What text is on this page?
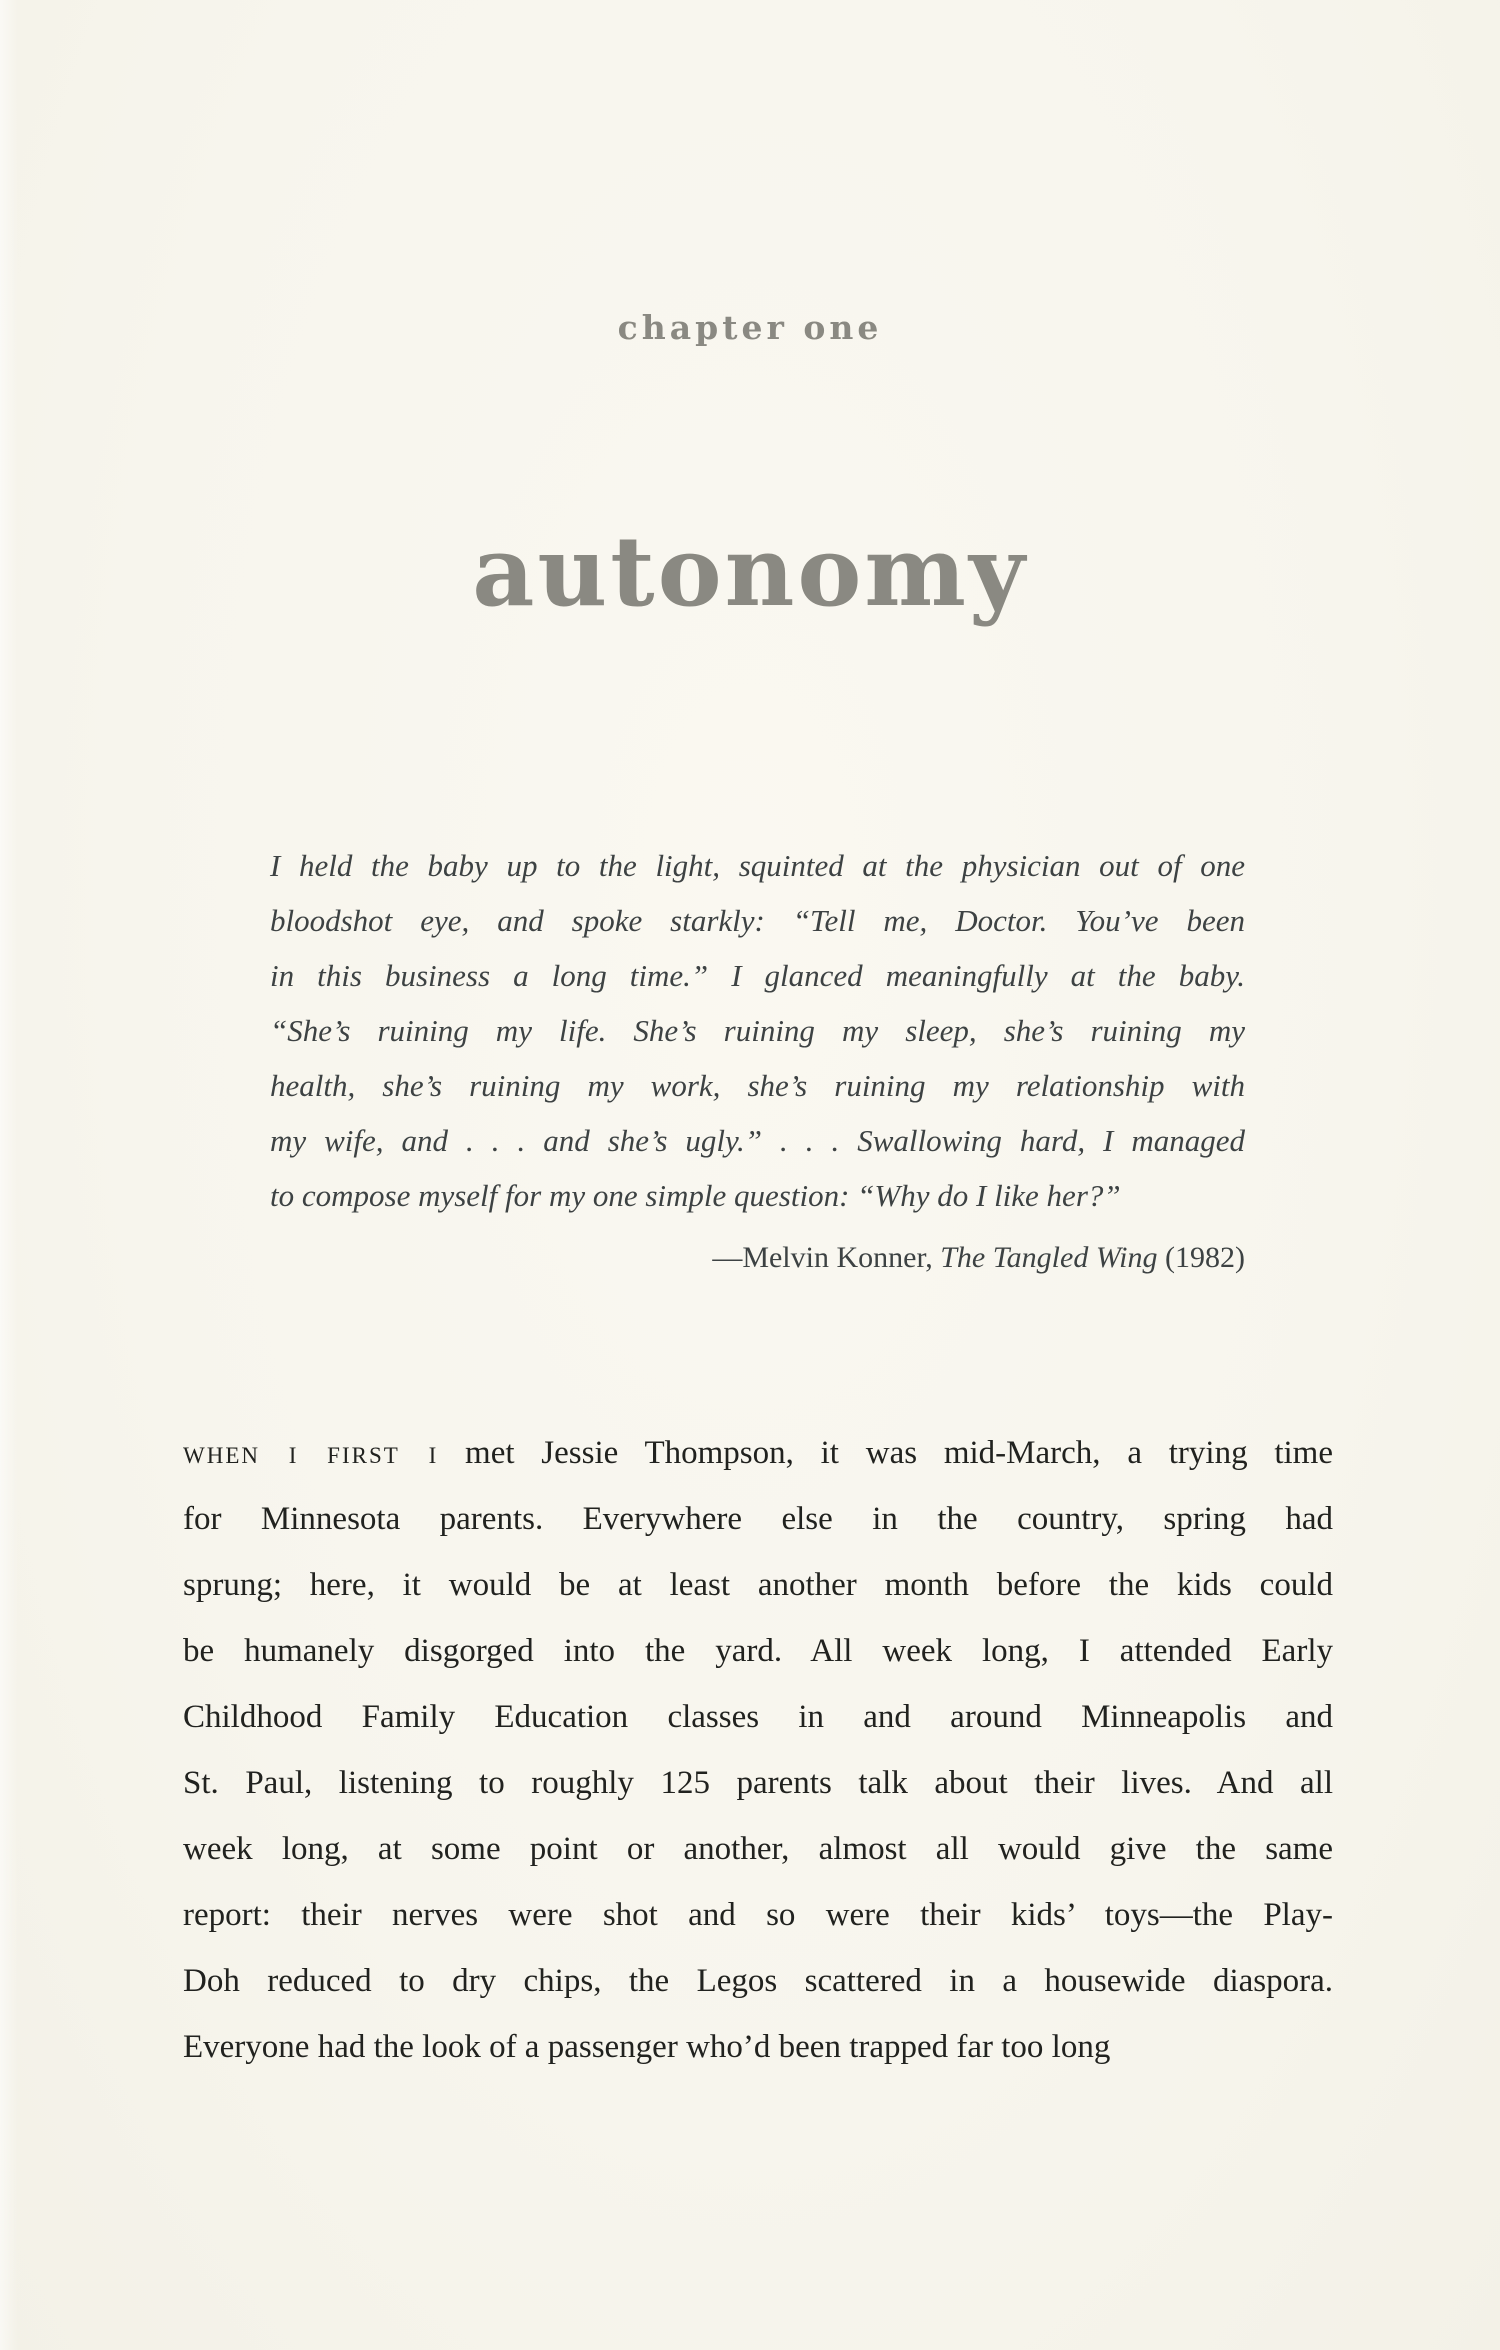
chapter one
autonomy
I held the baby up to the light, squinted at the physician out of one
bloodshot eye, and spoke starkly: “Tell me, Doctor. You’ve been
in this business a long time.” I glanced meaningfully at the baby.
“She’s ruining my life. She’s ruining my sleep, she’s ruining my
health, she’s ruining my work, she’s ruining my relationship with
my wife, and . . . and she’s ugly.” . . . Swallowing hard, I managed
to compose myself for my one simple question: “Why do I like her?”
—Melvin Konner, The Tangled Wing (1982)
when i first i met Jessie Thompson, it was mid-March, a trying time
for Minnesota parents. Everywhere else in the country, spring had
sprung; here, it would be at least another month before the kids could
be humanely disgorged into the yard. All week long, I attended Early
Childhood Family Education classes in and around Minneapolis and
St. Paul, listening to roughly 125 parents talk about their lives. And all
week long, at some point or another, almost all would give the same
report: their nerves were shot and so were their kids’ toys—the Play-
Doh reduced to dry chips, the Legos scattered in a housewide diaspora.
Everyone had the look of a passenger who’d been trapped far too long
